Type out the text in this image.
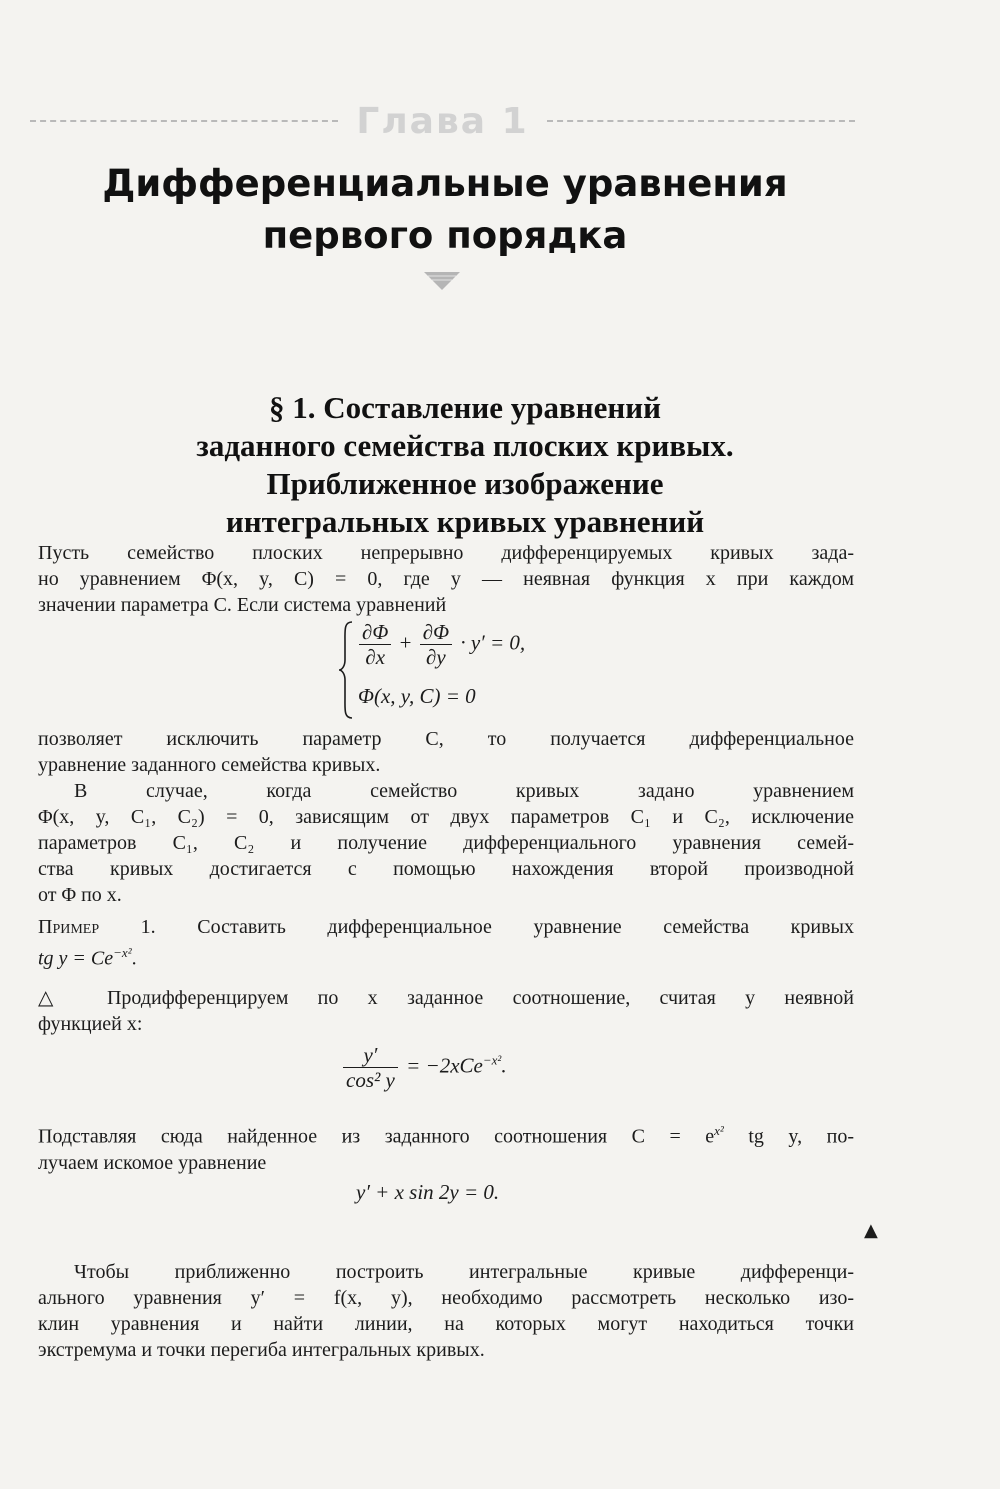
Глава 1
Дифференциальные уравнения
первого порядка
§ 1. Составление уравнений
заданного семейства плоских кривых.
Приближенное изображение
интегральных кривых уравнений
Пусть семейство плоских непрерывно дифференцируемых кривых зада-
но уравнением Φ(x, y, C) = 0, где y — неявная функция x при каждом
значении параметра C. Если система уравнений
$\frac{\partial\Phi}{\partial x} + \frac{\partial\Phi}{\partial y} \cdot y' = 0$,
Φ(x, y, C) = 0
позволяет исключить параметр C, то получается дифференциальное
уравнение заданного семейства кривых.
В случае, когда семейство кривых задано уравнением
Φ(x, y, C₁, C₂) = 0, зависящим от двух параметров C₁ и C₂, исключение
параметров C₁, C₂ и получение дифференциального уравнения семей-
ства кривых достигается с помощью нахождения второй производной
от Φ по x.
Пример 1. Составить дифференциальное уравнение семейства кривых
tg $y = Ce^{-x^2}$.
△ Продифференцируем по x заданное соотношение, считая y неявной
функцией x:
$\frac{y'}{\text{cos² y}} = -2xCe^{-x^2}$.
Подставляя сюда найденное из заданного соотношения $C = e^{x^2}$ tg y, по-
лучаем искомое уравнение
y′ + x sin 2y = 0.
▲
Чтобы приближенно построить интегральные кривые дифференци-
ального уравнения y′ = f(x, y), необходимо рассмотреть несколько изо-
клин уравнения и найти линии, на которых могут находиться точки
экстремума и точки перегиба интегральных кривых.
